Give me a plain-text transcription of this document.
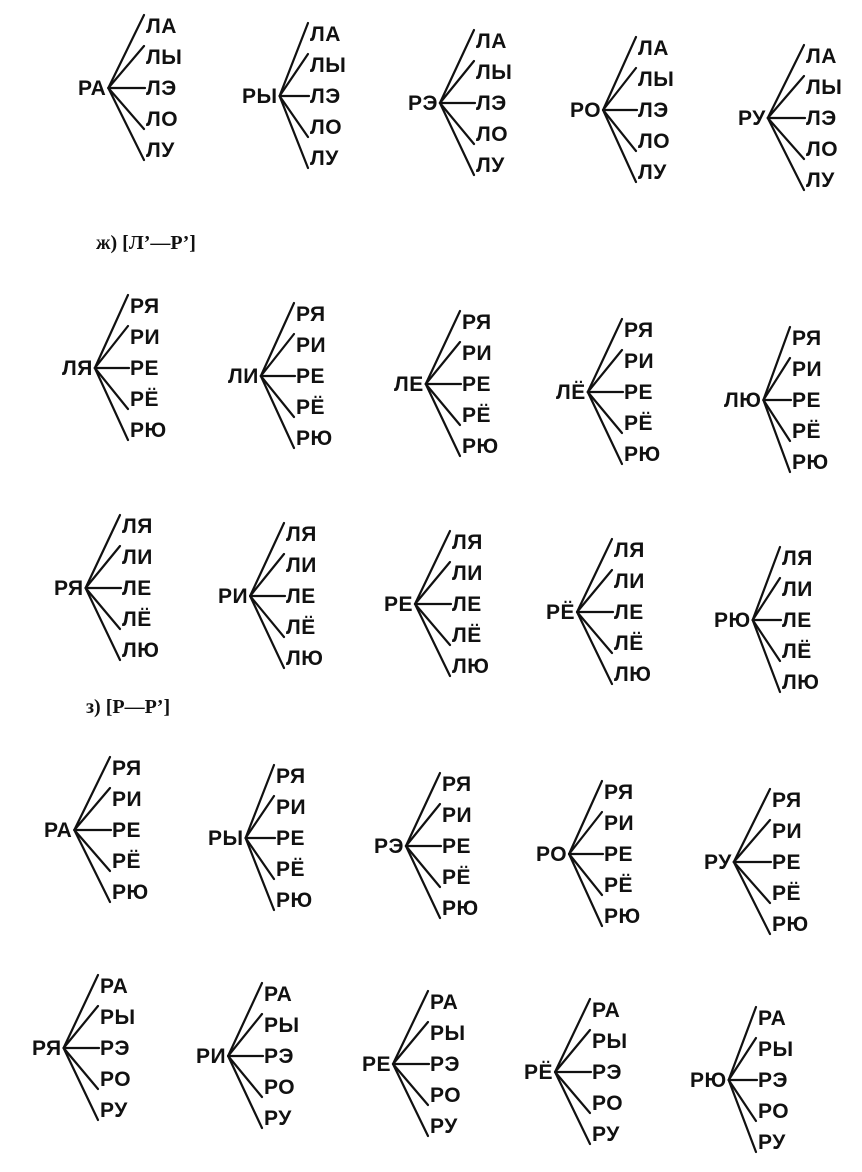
ж) [Л’—Р’]
з) [Р—Р’]
РА
ЛА
ЛЫ
ЛЭ
ЛО
ЛУ
РЫ
ЛА
ЛЫ
ЛЭ
ЛО
ЛУ
РЭ
ЛА
ЛЫ
ЛЭ
ЛО
ЛУ
РО
ЛА
ЛЫ
ЛЭ
ЛО
ЛУ
РУ
ЛА
ЛЫ
ЛЭ
ЛО
ЛУ
ЛЯ
РЯ
РИ
РЕ
РЁ
РЮ
ЛИ
РЯ
РИ
РЕ
РЁ
РЮ
ЛЕ
РЯ
РИ
РЕ
РЁ
РЮ
ЛЁ
РЯ
РИ
РЕ
РЁ
РЮ
ЛЮ
РЯ
РИ
РЕ
РЁ
РЮ
РЯ
ЛЯ
ЛИ
ЛЕ
ЛЁ
ЛЮ
РИ
ЛЯ
ЛИ
ЛЕ
ЛЁ
ЛЮ
РЕ
ЛЯ
ЛИ
ЛЕ
ЛЁ
ЛЮ
РЁ
ЛЯ
ЛИ
ЛЕ
ЛЁ
ЛЮ
РЮ
ЛЯ
ЛИ
ЛЕ
ЛЁ
ЛЮ
РА
РЯ
РИ
РЕ
РЁ
РЮ
РЫ
РЯ
РИ
РЕ
РЁ
РЮ
РЭ
РЯ
РИ
РЕ
РЁ
РЮ
РО
РЯ
РИ
РЕ
РЁ
РЮ
РУ
РЯ
РИ
РЕ
РЁ
РЮ
РЯ
РА
РЫ
РЭ
РО
РУ
РИ
РА
РЫ
РЭ
РО
РУ
РЕ
РА
РЫ
РЭ
РО
РУ
РЁ
РА
РЫ
РЭ
РО
РУ
РЮ
РА
РЫ
РЭ
РО
РУ
